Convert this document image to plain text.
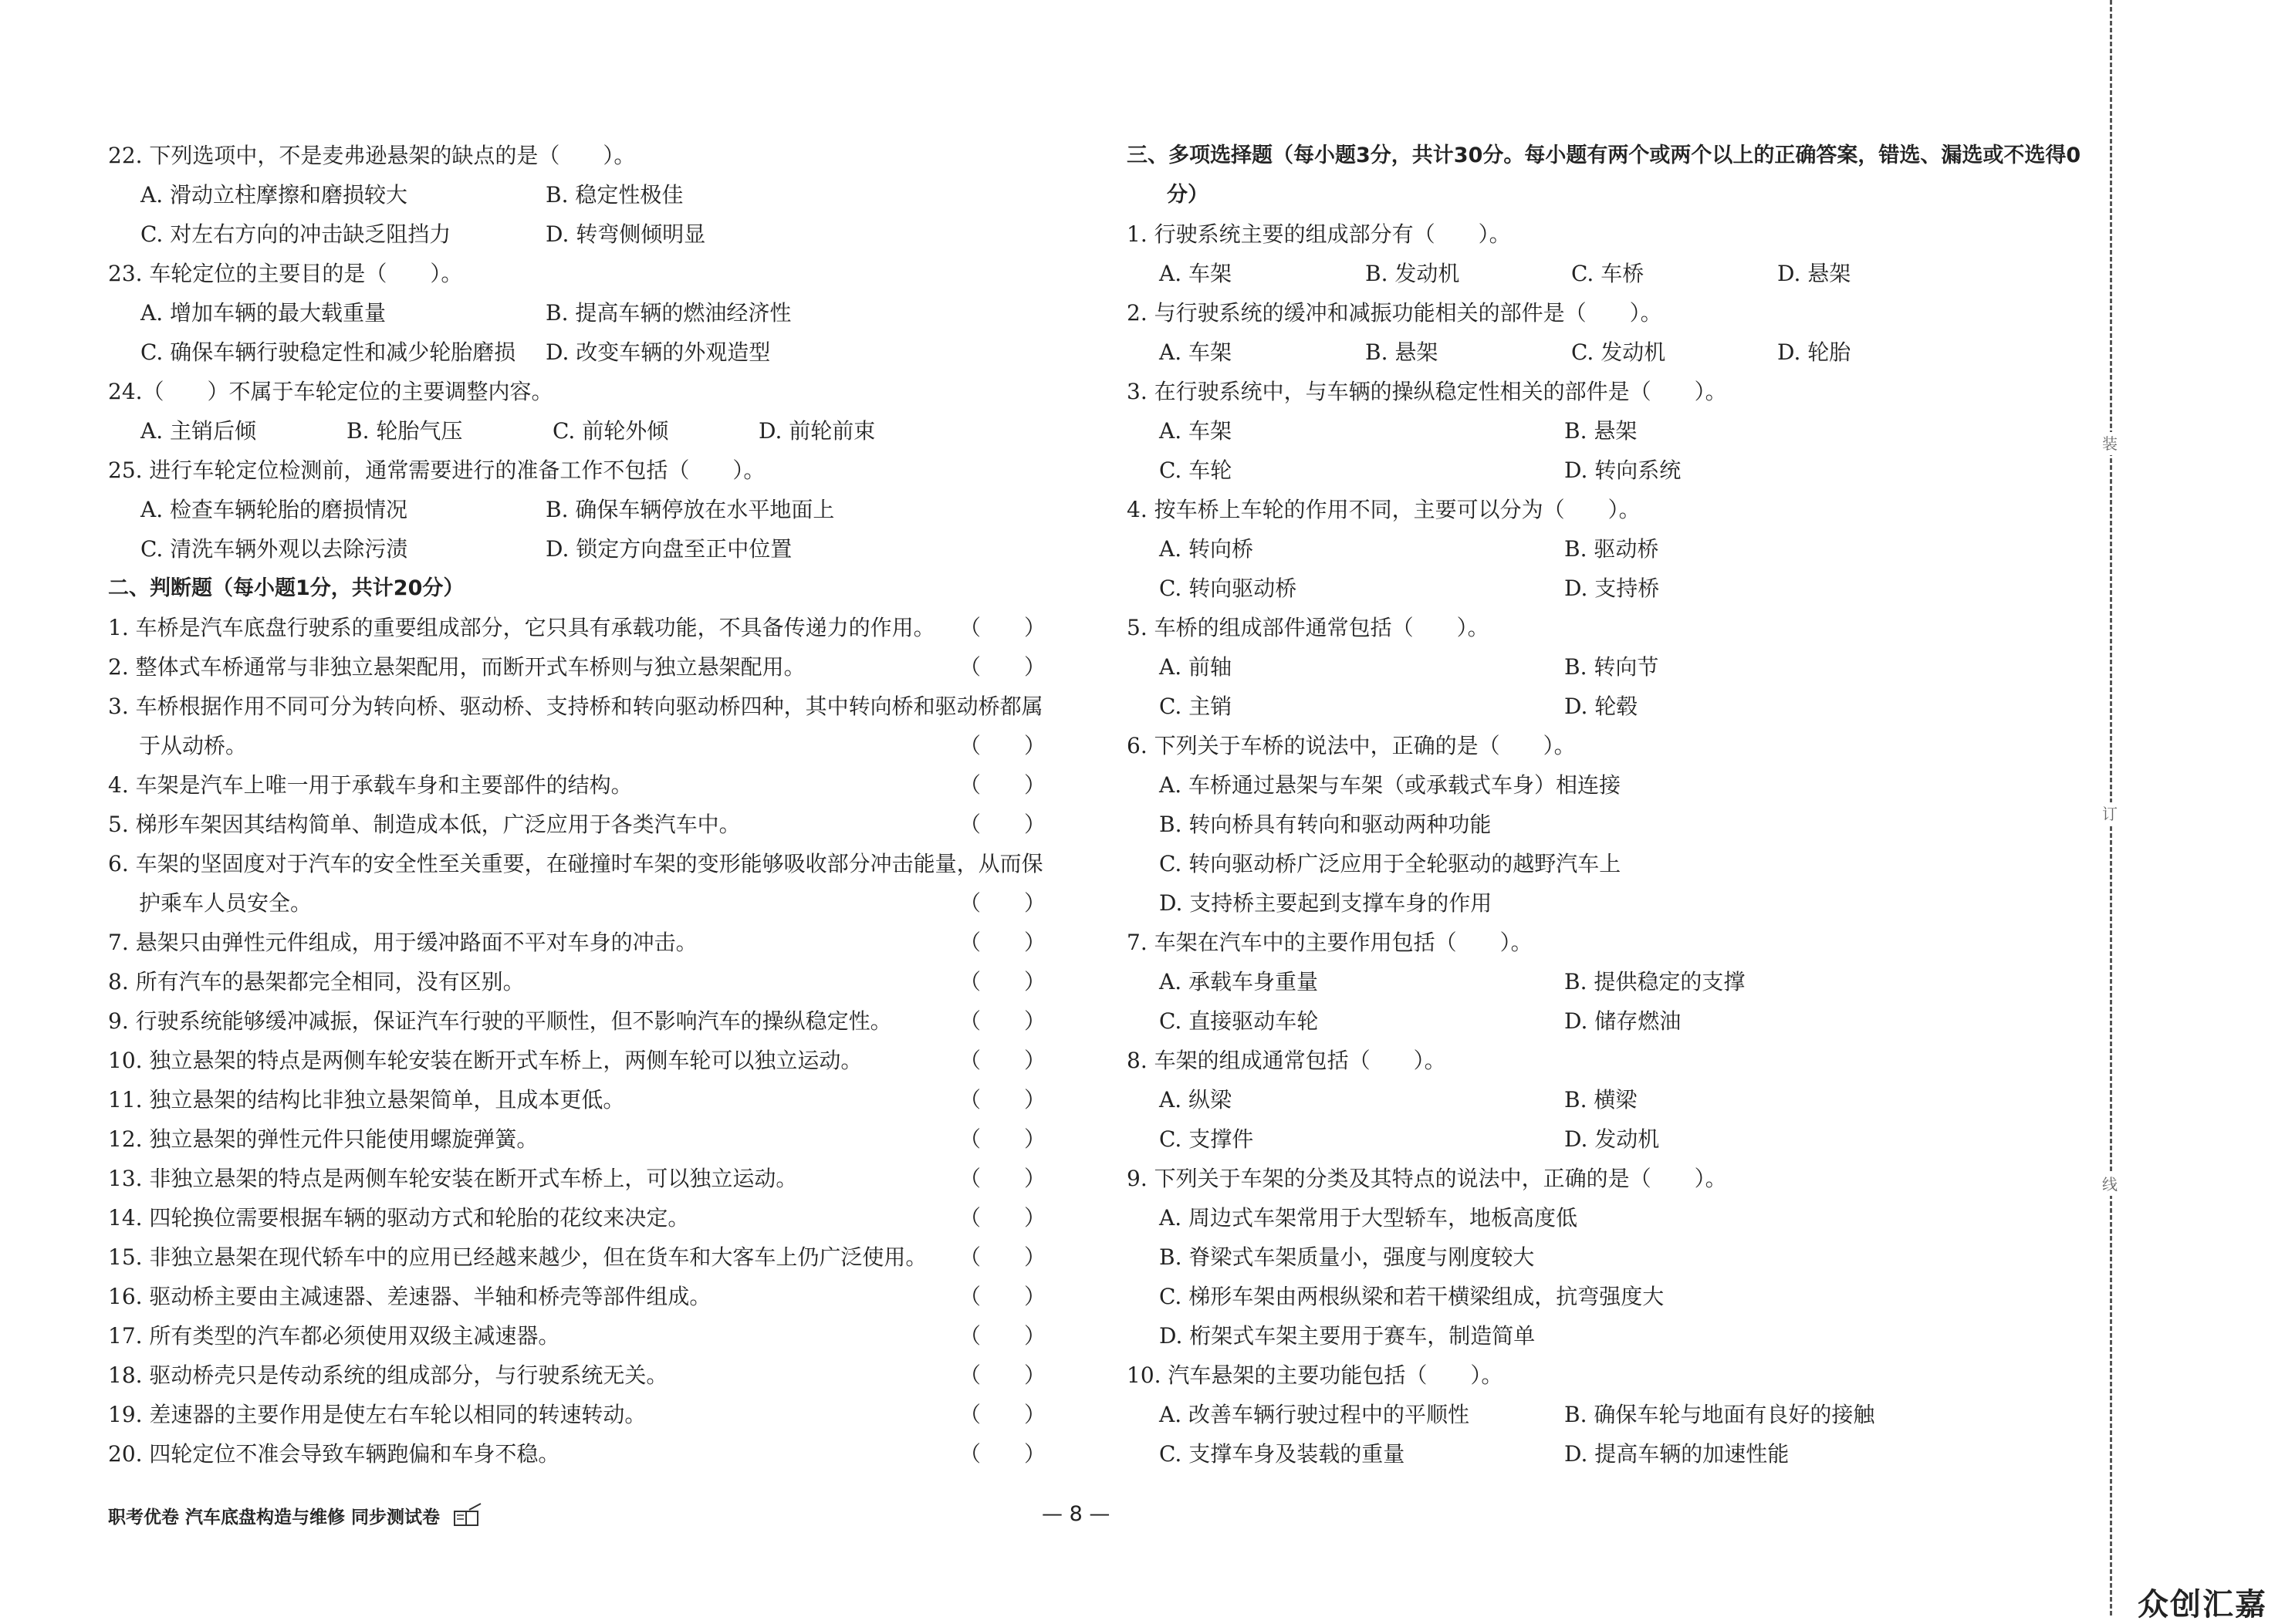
22. 下列选项中，不是麦弗逊悬架的缺点的是（　　）。
A. 滑动立柱摩擦和磨损较大	B. 稳定性极佳
C. 对左右方向的冲击缺乏阻挡力	D. 转弯侧倾明显
23. 车轮定位的主要目的是（　　）。
A. 增加车辆的最大载重量	B. 提高车辆的燃油经济性
C. 确保车辆行驶稳定性和减少轮胎磨损	D. 改变车辆的外观造型
24.（　　）不属于车轮定位的主要调整内容。
A. 主销后倾	B. 轮胎气压	C. 前轮外倾	D. 前轮前束
25. 进行车轮定位检测前，通常需要进行的准备工作不包括（　　）。
A. 检查车辆轮胎的磨损情况	B. 确保车辆停放在水平地面上
C. 清洗车辆外观以去除污渍	D. 锁定方向盘至正中位置
二、判断题（每小题1分，共计20分）
1. 车桥是汽车底盘行驶系的重要组成部分，它只具有承载功能，不具备传递力的作用。 （　　）
2. 整体式车桥通常与非独立悬架配用，而断开式车桥则与独立悬架配用。	（　　）
3. 车桥根据作用不同可分为转向桥、驱动桥、支持桥和转向驱动桥四种，其中转向桥和驱动桥都属于从动桥。	（　　）
4. 车架是汽车上唯一用于承载车身和主要部件的结构。	（　　）
5. 梯形车架因其结构简单、制造成本低，广泛应用于各类汽车中。	（　　）
6. 车架的坚固度对于汽车的安全性至关重要，在碰撞时车架的变形能够吸收部分冲击能量，从而保护乘车人员安全。	（　　）
7. 悬架只由弹性元件组成，用于缓冲路面不平对车身的冲击。	（　　）
8. 所有汽车的悬架都完全相同，没有区别。	（　　）
9. 行驶系统能够缓冲减振，保证汽车行驶的平顺性，但不影响汽车的操纵稳定性。	（　　）
10. 独立悬架的特点是两侧车轮安装在断开式车桥上，两侧车轮可以独立运动。	（　　）
11. 独立悬架的结构比非独立悬架简单，且成本更低。	（　　）
12. 独立悬架的弹性元件只能使用螺旋弹簧。	（　　）
13. 非独立悬架的特点是两侧车轮安装在断开式车桥上，可以独立运动。	（　　）
14. 四轮换位需要根据车辆的驱动方式和轮胎的花纹来决定。	（　　）
15. 非独立悬架在现代轿车中的应用已经越来越少，但在货车和大客车上仍广泛使用。 （　　）
16. 驱动桥主要由主减速器、差速器、半轴和桥壳等部件组成。	（　　）
17. 所有类型的汽车都必须使用双级主减速器。	（　　）
18. 驱动桥壳只是传动系统的组成部分，与行驶系统无关。	（　　）
19. 差速器的主要作用是使左右车轮以相同的转速转动。	（　　）
20. 四轮定位不准会导致车辆跑偏和车身不稳。	（　　）
三、多项选择题（每小题3分，共计30分。每小题有两个或两个以上的正确答案，错选、漏选或不选得0分）
1. 行驶系统主要的组成部分有（　　）。
A. 车架	B. 发动机	C. 车桥	D. 悬架
2. 与行驶系统的缓冲和减振功能相关的部件是（　　）。
A. 车架	B. 悬架	C. 发动机	D. 轮胎
3. 在行驶系统中，与车辆的操纵稳定性相关的部件是（　　）。
A. 车架	B. 悬架
C. 车轮	D. 转向系统
4. 按车桥上车轮的作用不同，主要可以分为（　　）。
A. 转向桥	B. 驱动桥
C. 转向驱动桥	D. 支持桥
5. 车桥的组成部件通常包括（　　）。
A. 前轴	B. 转向节
C. 主销	D. 轮毂
6. 下列关于车桥的说法中，正确的是（　　）。
A. 车桥通过悬架与车架（或承载式车身）相连接
B. 转向桥具有转向和驱动两种功能
C. 转向驱动桥广泛应用于全轮驱动的越野汽车上
D. 支持桥主要起到支撑车身的作用
7. 车架在汽车中的主要作用包括（　　）。
A. 承载车身重量	B. 提供稳定的支撑
C. 直接驱动车轮	D. 储存燃油
8. 车架的组成通常包括（　　）。
A. 纵梁	B. 横梁
C. 支撑件	D. 发动机
9. 下列关于车架的分类及其特点的说法中，正确的是（　　）。
A. 周边式车架常用于大型轿车，地板高度低
B. 脊梁式车架质量小，强度与刚度较大
C. 梯形车架由两根纵梁和若干横梁组成，抗弯强度大
D. 桁架式车架主要用于赛车，制造简单
10. 汽车悬架的主要功能包括（　　）。
A. 改善车辆行驶过程中的平顺性	B. 确保车轮与地面有良好的接触
C. 支撑车身及装载的重量	D. 提高车辆的加速性能
职考优卷 汽车底盘构造与维修 同步测试卷	— 8 —
装
订
线
众创汇嘉
